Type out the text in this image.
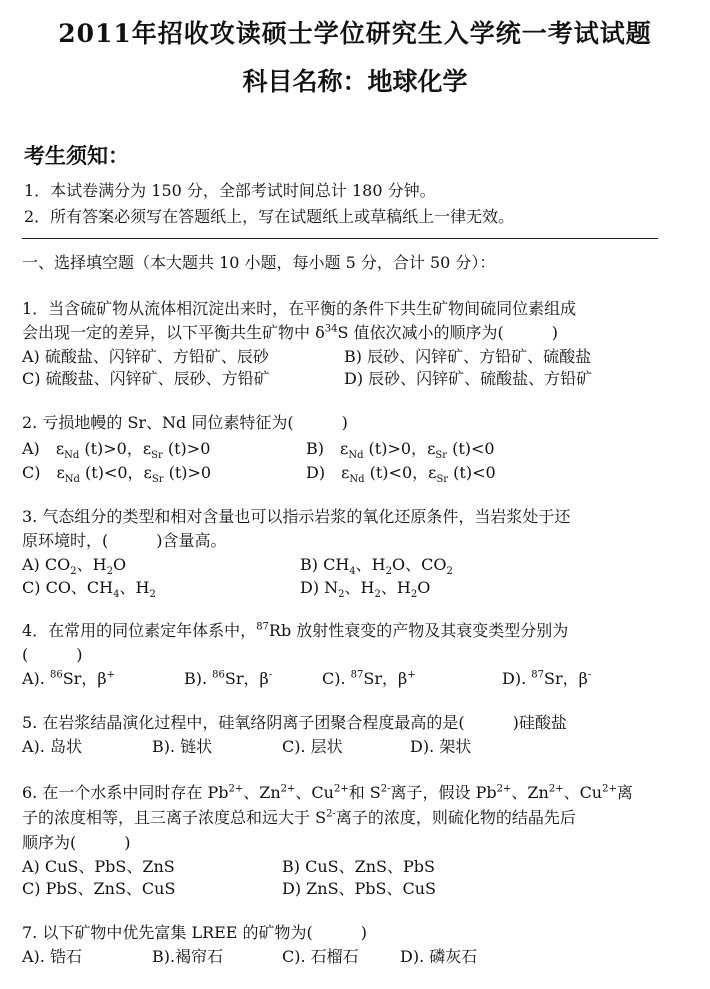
2011年招收攻读硕士学位研究生入学统一考试试题
科目名称：地球化学
考生须知：
1．本试卷满分为 150 分，全部考试时间总计 180 分钟。
2．所有答案必须写在答题纸上，写在试题纸上或草稿纸上一律无效。
一、选择填空题（本大题共 10 小题，每小题 5 分，合计 50 分）：
1．当含硫矿物从流体相沉淀出来时，在平衡的条件下共生矿物间硫同位素组成
会出现一定的差异，以下平衡共生矿物中 $\delta^{34}S$ 值依次减小的顺序为(　　　)
A) 硫酸盐、闪锌矿、方铅矿、辰砂	B) 辰砂、闪锌矿、方铅矿、硫酸盐
C) 硫酸盐、闪锌矿、辰砂、方铅矿	D) 辰砂、闪锌矿、硫酸盐、方铅矿
2. 亏损地幔的 Sr、Nd 同位素特征为(　　　)
A)　 $\varepsilon_{Nd}$ (t)>0，$\varepsilon_{Sr}$ (t)>0	B)　 $\varepsilon_{Nd}$ (t)>0，$\varepsilon_{Sr}$ (t)<0
C)　 $\varepsilon_{Nd}$ (t)<0，$\varepsilon_{Sr}$ (t)>0	D)　 $\varepsilon_{Nd}$ (t)<0，$\varepsilon_{Sr}$ (t)<0
3. 气态组分的类型和相对含量也可以指示岩浆的氧化还原条件，当岩浆处于还
原环境时，(　　　)含量高。
A) $CO_2$、$H_2O$	B) $CH_4$、$H_2O$、$CO_2$
C) CO、$CH_4$、$H_2$	D) $N_2$、$H_2$、$H_2O$
4．在常用的同位素定年体系中，$^{87}$Rb 放射性衰变的产物及其衰变类型分别为
(　　　)
A). $^{86}$Sr，β+	B). $^{86}$Sr，β-	C). $^{87}$Sr，β+	D). $^{87}$Sr，β-
5. 在岩浆结晶演化过程中，硅氧络阴离子团聚合程度最高的是(　　　)硅酸盐
A). 岛状	B). 链状	C). 层状	D). 架状
6. 在一个水系中同时存在 $Pb^{2+}$、$Zn^{2+}$、$Cu^{2+}$和 $S^{2-}$离子，假设 $Pb^{2+}$、$Zn^{2+}$、$Cu^{2+}$离
子的浓度相等，且三离子浓度总和远大于 $S^{2-}$离子的浓度，则硫化物的结晶先后
顺序为(　　　)
A) CuS、PbS、ZnS	B) CuS、ZnS、PbS
C) PbS、ZnS、CuS	D) ZnS、PbS、CuS
7. 以下矿物中优先富集 LREE 的矿物为(　　　)
A). 锆石	B).褐帘石	C). 石榴石	D). 磷灰石
